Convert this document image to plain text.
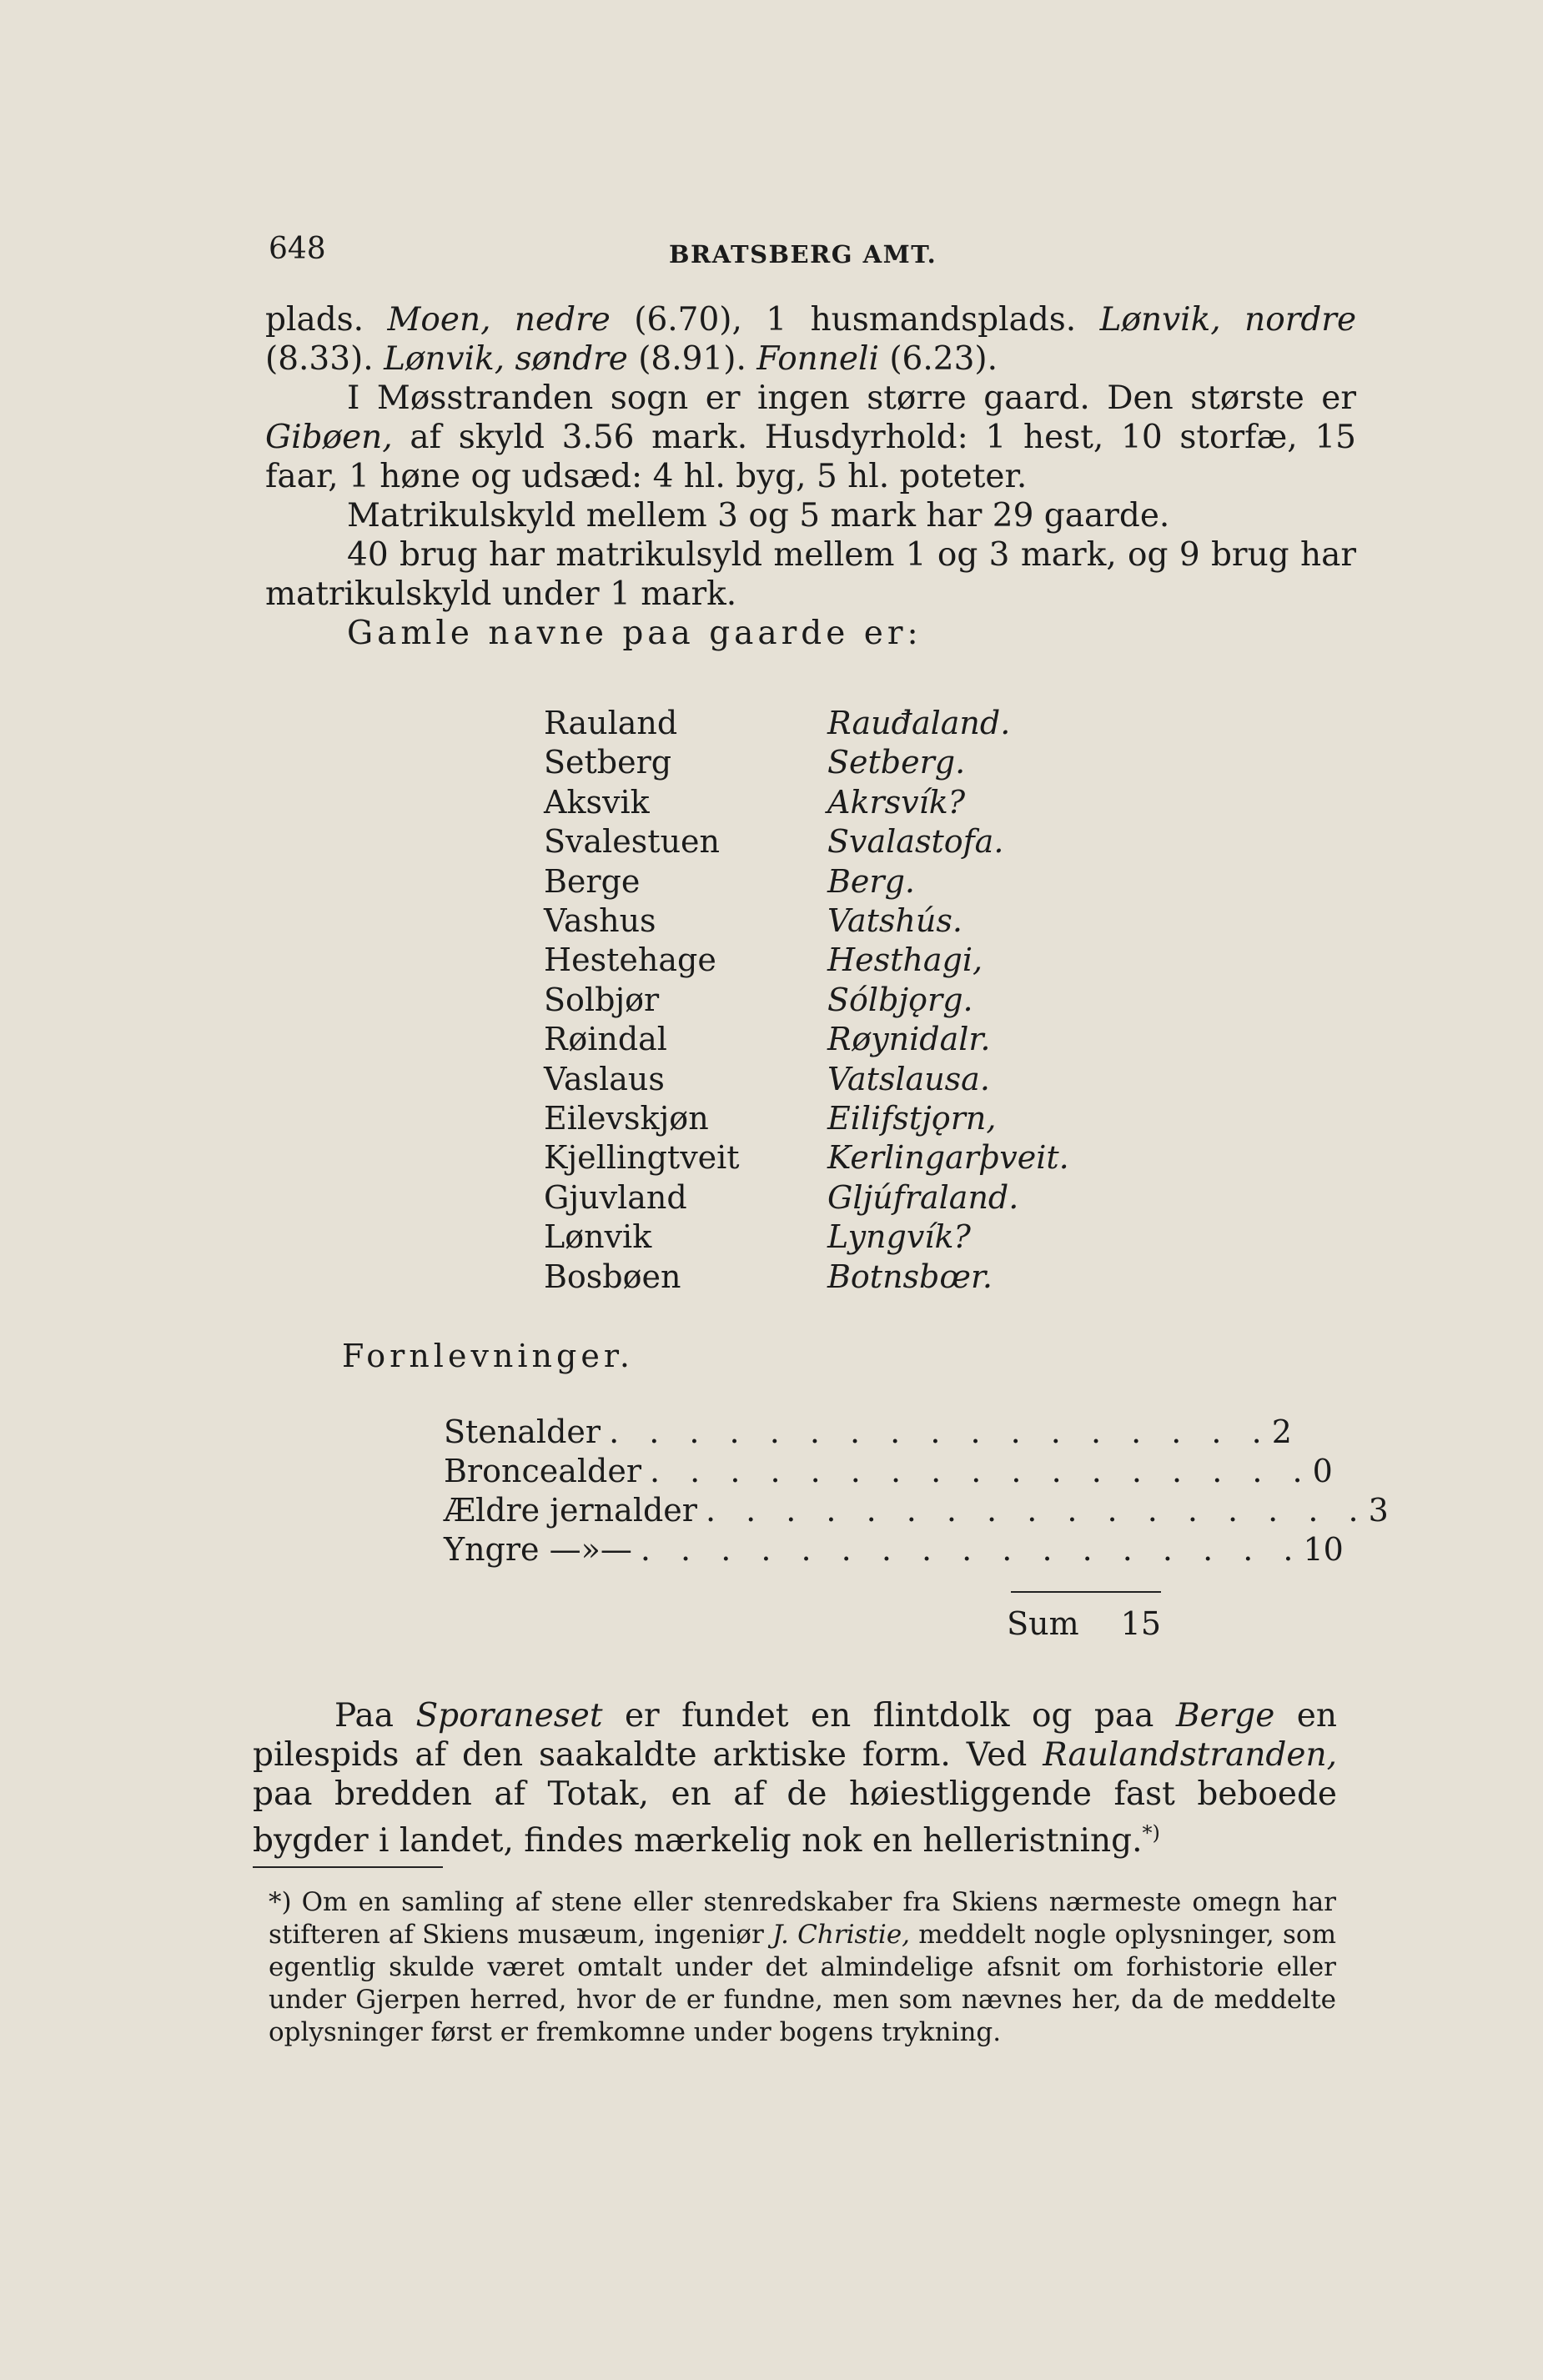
648	BRATSBERG AMT.

plads. Moen, nedre (6.70), 1 husmandsplads. Lønvik, nordre (8.33). Lønvik, søndre (8.91). Fonneli (6.23).

I Møsstranden sogn er ingen større gaard. Den største er Gibøen, af skyld 3.56 mark. Husdyrhold: 1 hest, 10 storfæ, 15 faar, 1 høne og udsæd: 4 hl. byg, 5 hl. poteter.

Matrikulskyld mellem 3 og 5 mark har 29 gaarde.

40 brug har matrikulsyld mellem 1 og 3 mark, og 9 brug har matrikulskyld under 1 mark.

Gamle navne paa gaarde er:

Rauland	Rauđaland.
Setberg	Setberg.
Aksvik	Akrsvík?
Svalestuen	Svalastofa.
Berge	Berg.
Vashus	Vatshús.
Hestehage	Hesthagi,
Solbjør	Sólbjǫrg.
Røindal	Røynidalr.
Vaslaus	Vatslausa.
Eilevskjøn	Eilifstjǫrn,
Kjellingtveit	Kerlingarþveit.
Gjuvland	Gljúfraland.
Lønvik	Lyngvík?
Bosbøen	Botnsbœr.
Fornlevninger.
Stenalder . . . . . . . . . . . . . . . . . 2
Broncealder . . . . . . . . . . . . . . . . . 0
Ældre jernalder . . . . . . . . . . . . . . . . . 3
Yngre —»— . . . . . . . . . . . . . . . . . 10
Sum 15

Paa Sporaneset er fundet en flintdolk og paa Berge en pilespids af den saakaldte arktiske form. Ved Raulandstranden, paa bredden af Totak, en af de høiestliggende fast beboede bygder i landet, findes mærkelig nok en helleristning.*)

*) Om en samling af stene eller stenredskaber fra Skiens nærmeste omegn har stifteren af Skiens musæum, ingeniør J. Christie, meddelt nogle oplysninger, som egentlig skulde været omtalt under det almindelige afsnit om forhistorie eller under Gjerpen herred, hvor de er fundne, men som nævnes her, da de meddelte oplysninger først er fremkomne under bogens trykning.
